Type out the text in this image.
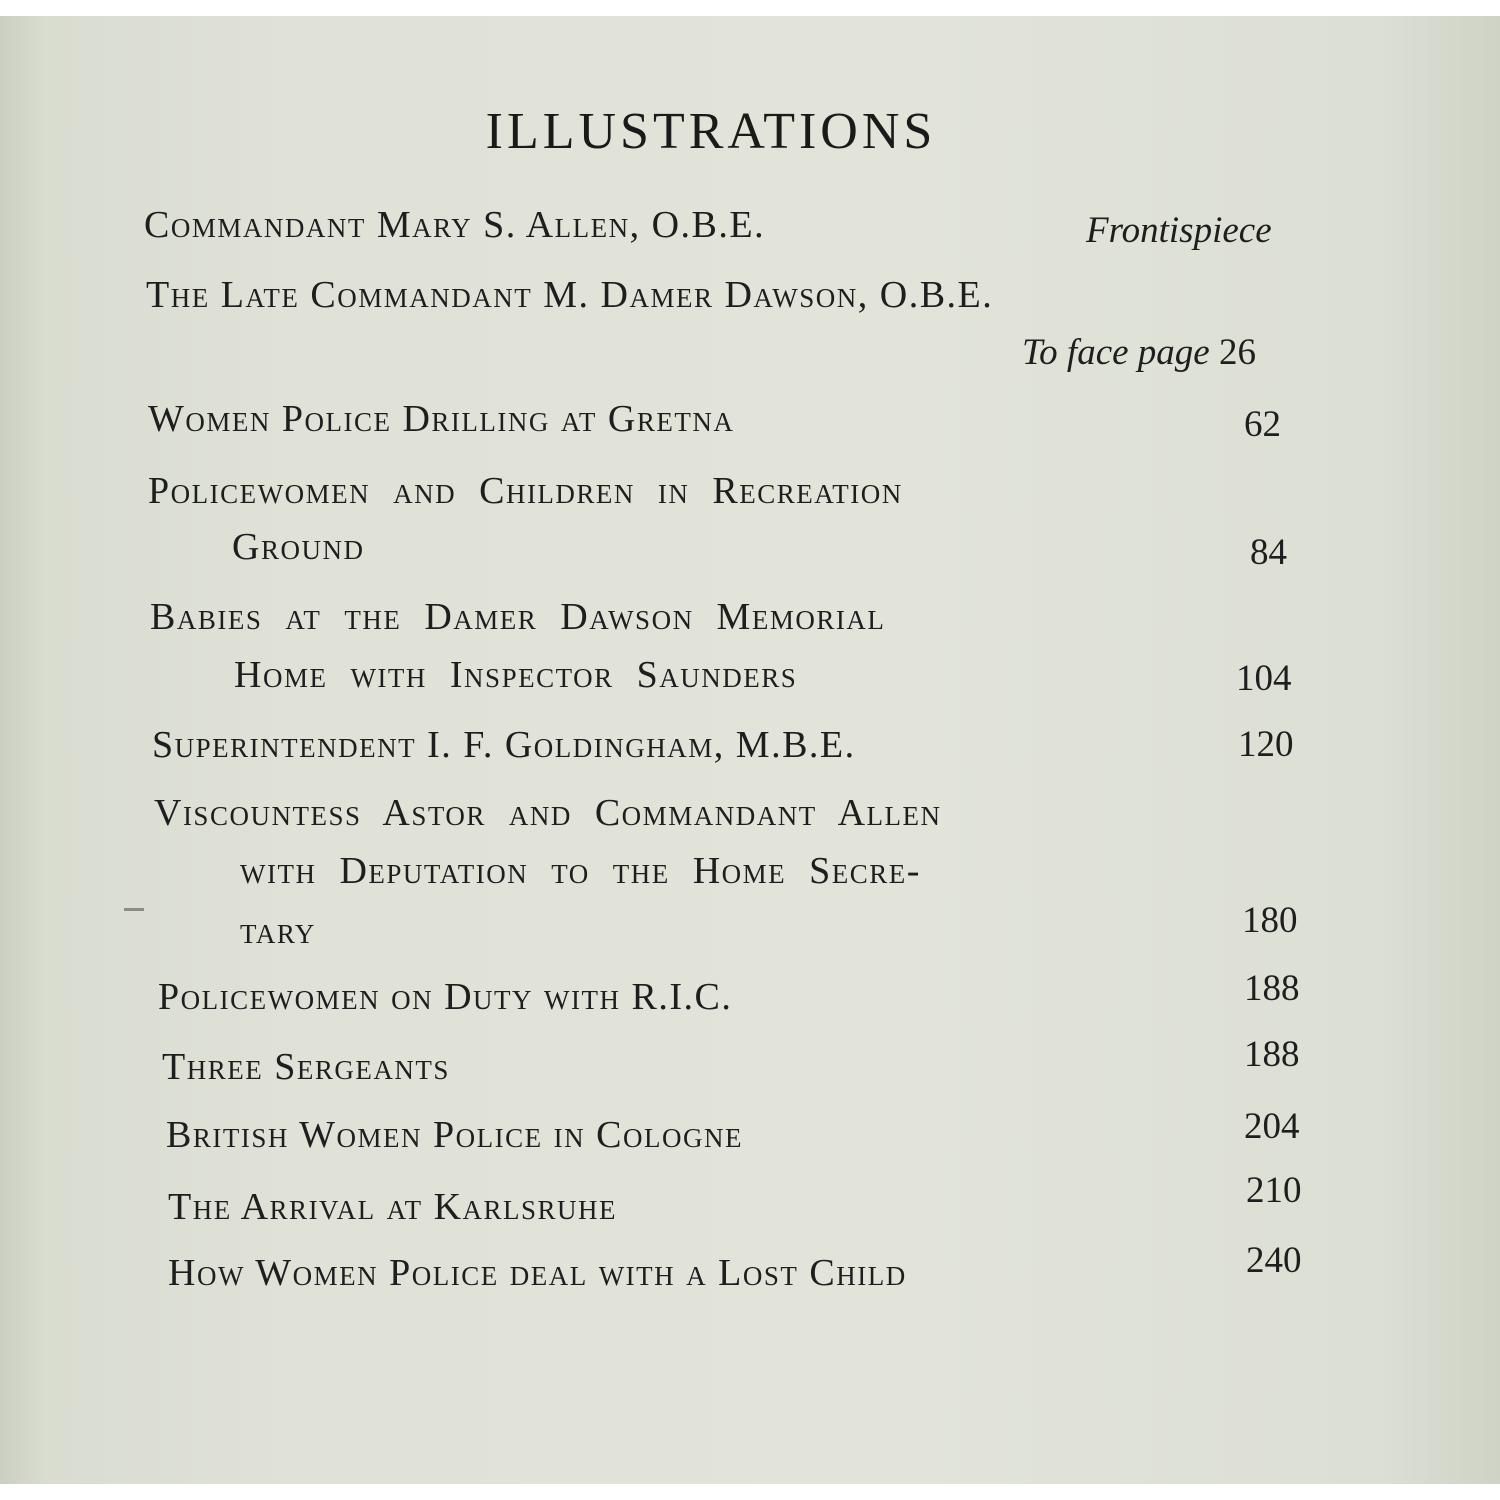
ILLUSTRATIONS
Commandant Mary S. Allen, O.B.E.	Frontispiece
The Late Commandant M. Damer Dawson, O.B.E.
To face page 26
Women Police Drilling at Gretna	62
Policewomen and Children in Recreation
Ground	84
Babies at the Damer Dawson Memorial
Home with Inspector Saunders	104
Superintendent I. F. Goldingham, M.B.E.	120
Viscountess Astor and Commandant Allen
with Deputation to the Home Secre-
tary	180
Policewomen on Duty with R.I.C.	188
Three Sergeants	188
British Women Police in Cologne	204
The Arrival at Karlsruhe	210
How Women Police deal with a Lost Child	240
